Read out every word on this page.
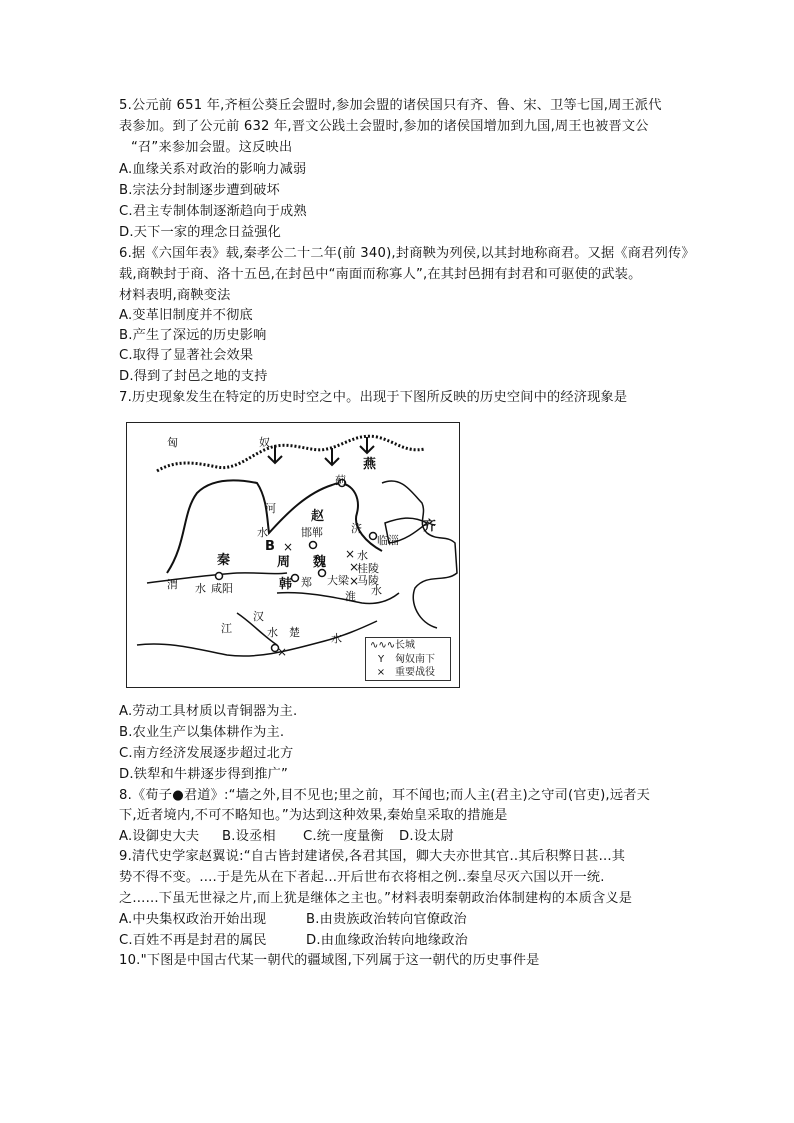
5.公元前 651 年,齐桓公葵丘会盟时,参加会盟的诸侯国只有齐、鲁、宋、卫等七国,周王派代
表参加。到了公元前 632 年,晋文公践土会盟时,参加的诸侯国增加到九国,周王也被晋文公
“召”来参加会盟。这反映出
A.血缘关系对政治的影响力减弱
B.宗法分封制逐步遭到破坏
C.君主专制体制逐渐趋向于成熟
D.天下一家的理念日益强化
6.据《六国年表》载,秦孝公二十二年(前 340),封商鞅为列侯,以其封地称商君。又据《商君列传》
载,商鞅封于商、洛十五邑,在封邑中“南面而称寡人”,在其封邑拥有封君和可驱使的武装。
材料表明,商鞅变法
A.变革旧制度并不彻底
B.产生了深远的历史影响
C.取得了显著社会效果
D.得到了封邑之地的支持
7.历史现象发生在特定的历史时空之中。出现于下图所反映的历史空间中的经济现象是
×	×
×
×
×
匈	奴
燕
蓟
河
水
赵
邯郸	济	齐
临淄
B
水
桂陵
马陵
秦	周 魏
韩 郑 大梁
渭 水 咸阳
淮 水
汉
江	水 楚	水
∿∿∿长城
Y 匈奴南下
× 重要战役
A.劳动工具材质以青铜器为主.
B.农业生产以集体耕作为主.
C.南方经济发展逐步超过北方
D.铁犁和牛耕逐步得到推广”
8.《荀子●君道》:“墙之外,目不见也;里之前，耳不闻也;而人主(君主)之守司(官吏),远者天
下,近者境内,不可不略知也。”为达到这种效果,秦始皇采取的措施是
A.设御史大夫 B.设丞相 C.统一度量衡 D.设太尉
9.清代史学家赵翼说:“自古皆封建诸侯,各君其国，卿大夫亦世其官..其后积弊日甚...其
势不得不变。....于是先从在下者起...开后世布衣将相之例..秦皇尽灭六国以开一统.
之......下虽无世禄之片,而上犹是继体之主也。”材料表明秦朝政治体制建构的本质含义是
A.中央集权政治开始出现	B.由贵族政治转向官僚政治
C.百姓不再是封君的属民	D.由血缘政治转向地缘政治
10."下图是中国古代某一朝代的疆域图,下列属于这一朝代的历史事件是
